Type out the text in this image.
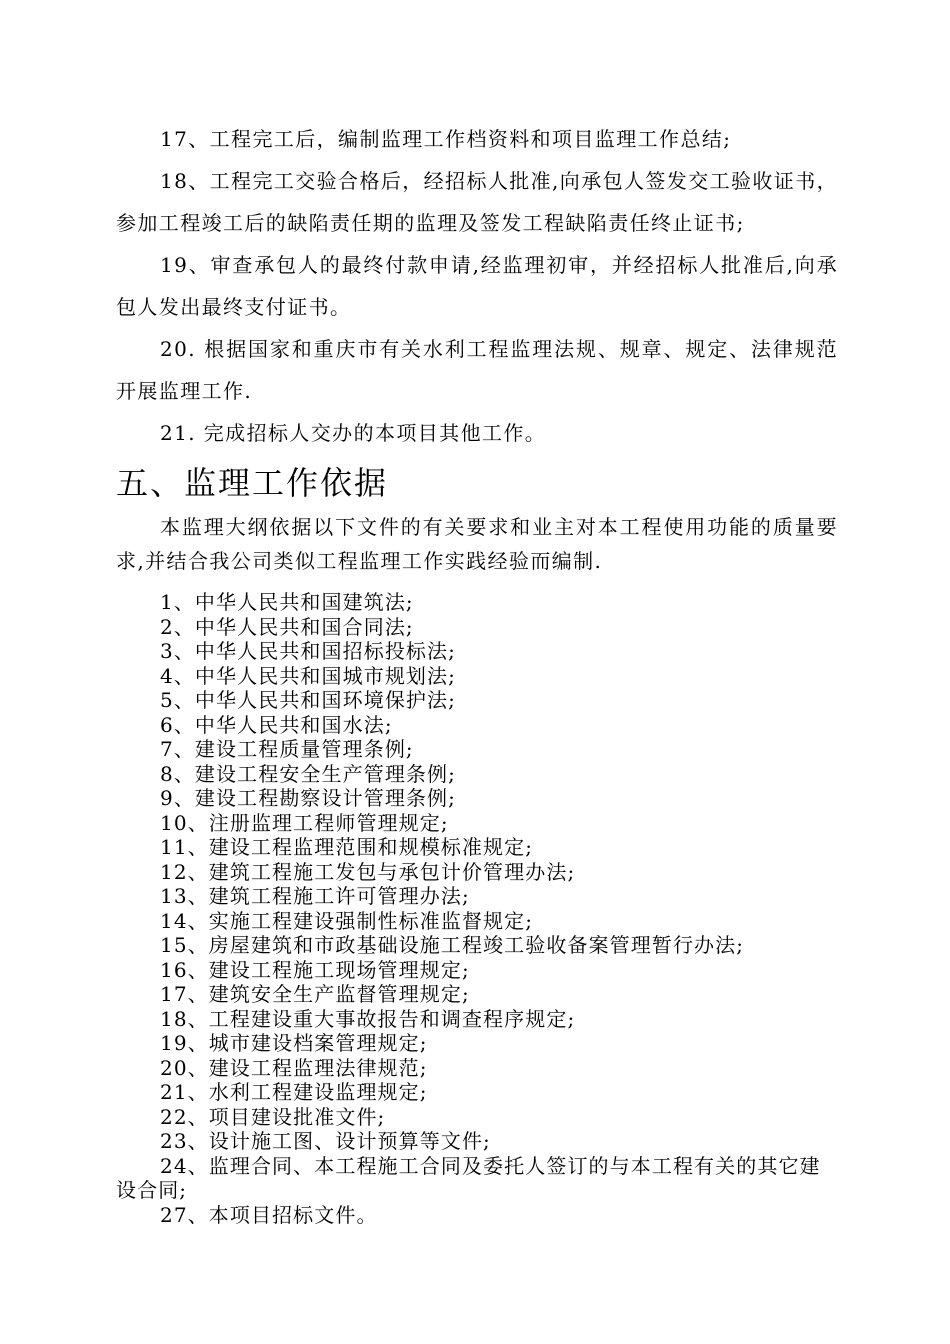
17、工程完工后，编制监理工作档资料和项目监理工作总结;

18、工程完工交验合格后，经招标人批准,向承包人签发交工验收证书，参加工程竣工后的缺陷责任期的监理及签发工程缺陷责任终止证书;

19、审查承包人的最终付款申请,经监理初审，并经招标人批准后,向承包人发出最终支付证书。

20. 根据国家和重庆市有关水利工程监理法规、规章、规定、法律规范开展监理工作.

21. 完成招标人交办的本项目其他工作。

五、监理工作依据

本监理大纲依据以下文件的有关要求和业主对本工程使用功能的质量要求,并结合我公司类似工程监理工作实践经验而编制.

1、中华人民共和国建筑法;

2、中华人民共和国合同法;

3、中华人民共和国招标投标法;

4、中华人民共和国城市规划法;

5、中华人民共和国环境保护法;

6、中华人民共和国水法;

7、建设工程质量管理条例;

8、建设工程安全生产管理条例;

9、建设工程勘察设计管理条例;

10、注册监理工程师管理规定;

11、建设工程监理范围和规模标准规定;

12、建筑工程施工发包与承包计价管理办法;

13、建筑工程施工许可管理办法;

14、实施工程建设强制性标准监督规定;

15、房屋建筑和市政基础设施工程竣工验收备案管理暂行办法;

16、建设工程施工现场管理规定;

17、建筑安全生产监督管理规定;

18、工程建设重大事故报告和调查程序规定;

19、城市建设档案管理规定;

20、建设工程监理法律规范;

21、水利工程建设监理规定;

22、项目建设批准文件;

23、设计施工图、设计预算等文件;

24、监理合同、本工程施工合同及委托人签订的与本工程有关的其它建设合同;

27、本项目招标文件。
